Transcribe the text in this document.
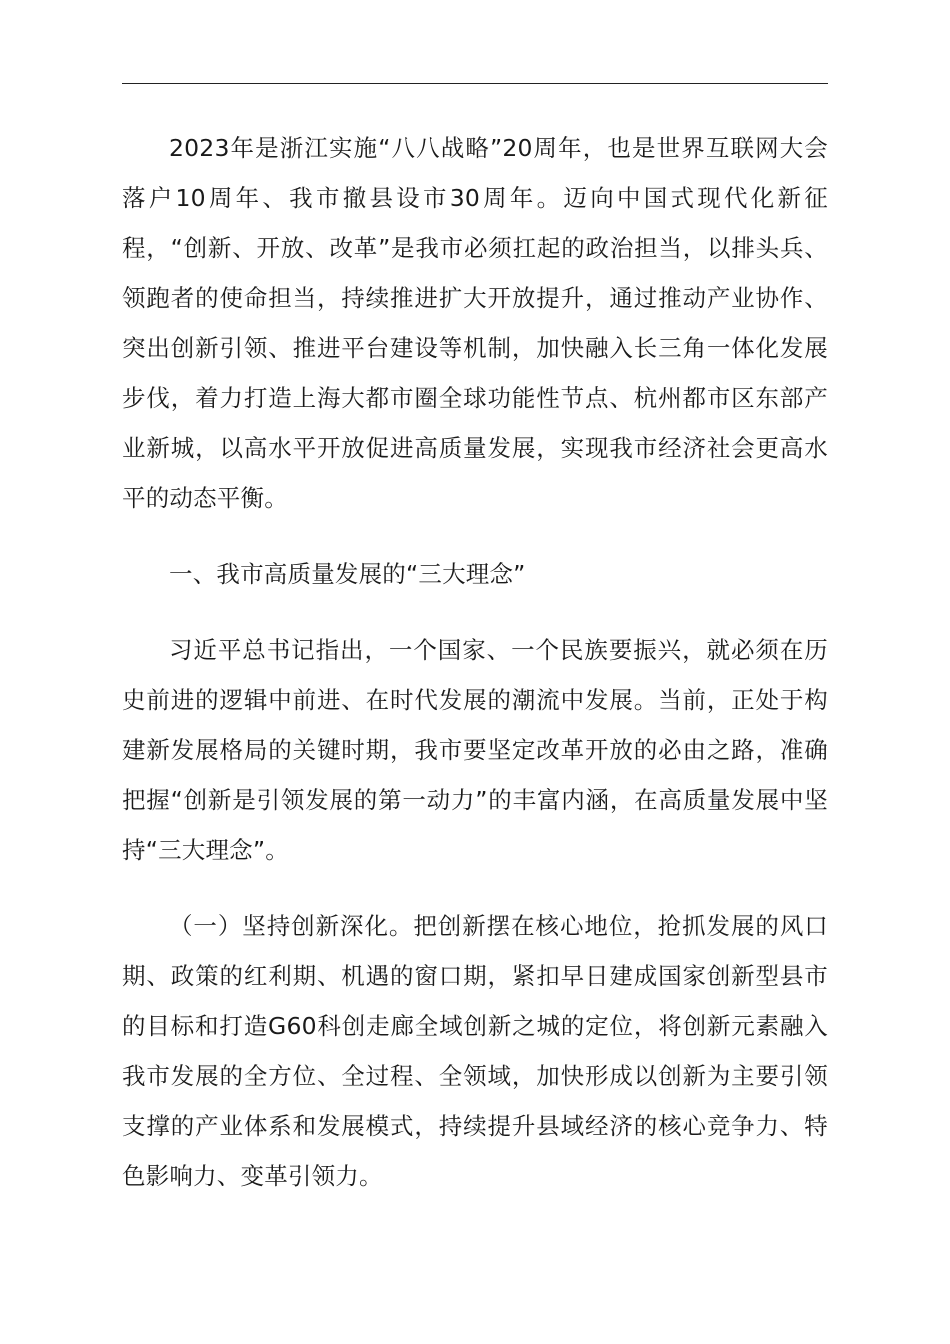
2023年是浙江实施“八八战略”20周年，也是世界互联网大会落户10周年、我市撤县设市30周年。迈向中国式现代化新征程，“创新、开放、改革”是我市必须扛起的政治担当，以排头兵、领跑者的使命担当，持续推进扩大开放提升，通过推动产业协作、突出创新引领、推进平台建设等机制，加快融入长三角一体化发展步伐，着力打造上海大都市圈全球功能性节点、杭州都市区东部产业新城，以高水平开放促进高质量发展，实现我市经济社会更高水平的动态平衡。

一、我市高质量发展的“三大理念”

习近平总书记指出，一个国家、一个民族要振兴，就必须在历史前进的逻辑中前进、在时代发展的潮流中发展。当前，正处于构建新发展格局的关键时期，我市要坚定改革开放的必由之路，准确把握“创新是引领发展的第一动力”的丰富内涵，在高质量发展中坚持“三大理念”。

（一）坚持创新深化。把创新摆在核心地位，抢抓发展的风口期、政策的红利期、机遇的窗口期，紧扣早日建成国家创新型县市的目标和打造G60科创走廊全域创新之城的定位，将创新元素融入我市发展的全方位、全过程、全领域，加快形成以创新为主要引领支撑的产业体系和发展模式，持续提升县域经济的核心竞争力、特色影响力、变革引领力。
